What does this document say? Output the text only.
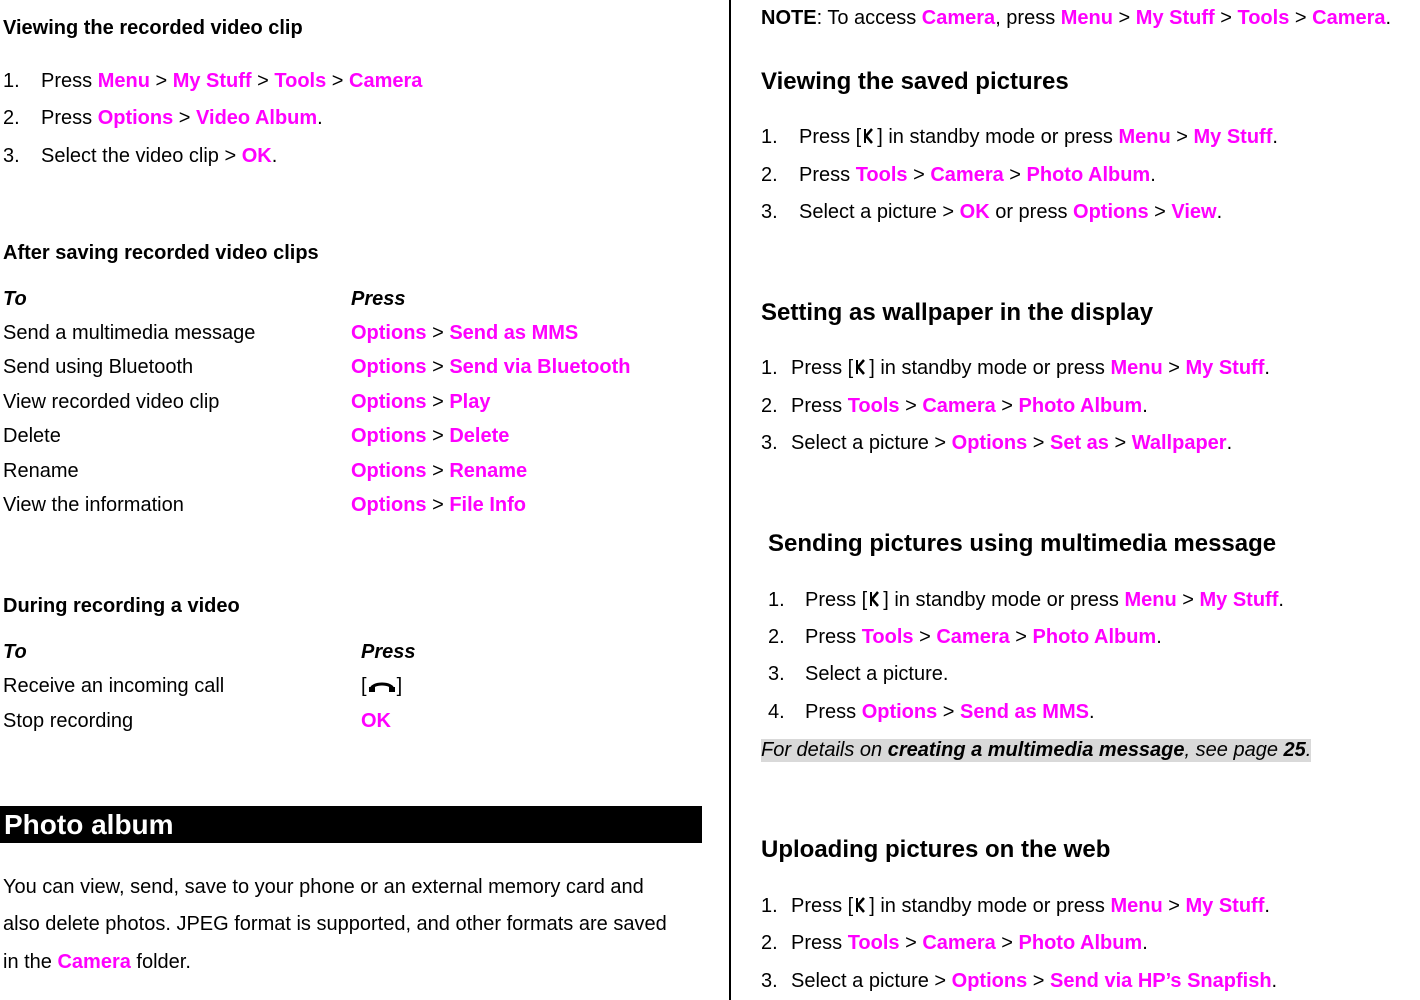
Viewing the recorded video clip
1. Press Menu > My Stuff > Tools > Camera
2. Press Options > Video Album.
3. Select the video clip > OK.
After saving recorded video clips
To	Press
Send a multimedia message	Options > Send as MMS
Send using Bluetooth	Options > Send via Bluetooth
View recorded video clip	Options > Play
Delete	Options > Delete
Rename	Options > Rename
View the information	Options > File Info
During recording a video
To	Press
Receive an incoming call	[ ]
Stop recording	OK
Photo album
You can view, send, save to your phone or an external memory card and
also delete photos. JPEG format is supported, and other formats are saved
in the Camera folder.
NOTE: To access Camera, press Menu > My Stuff > Tools > Camera.
Viewing the saved pictures
1. Press [ ] in standby mode or press Menu > My Stuff.
2. Press Tools > Camera > Photo Album.
3. Select a picture > OK or press Options > View.
Setting as wallpaper in the display
1. Press [ ] in standby mode or press Menu > My Stuff.
2. Press Tools > Camera > Photo Album.
3. Select a picture > Options > Set as > Wallpaper.
Sending pictures using multimedia message
1. Press [ ] in standby mode or press Menu > My Stuff.
2. Press Tools > Camera > Photo Album.
3. Select a picture.
4. Press Options > Send as MMS.
For details on creating a multimedia message, see page 25.
Uploading pictures on the web
1. Press [ ] in standby mode or press Menu > My Stuff.
2. Press Tools > Camera > Photo Album.
3. Select a picture > Options > Send via HP’s Snapfish.
